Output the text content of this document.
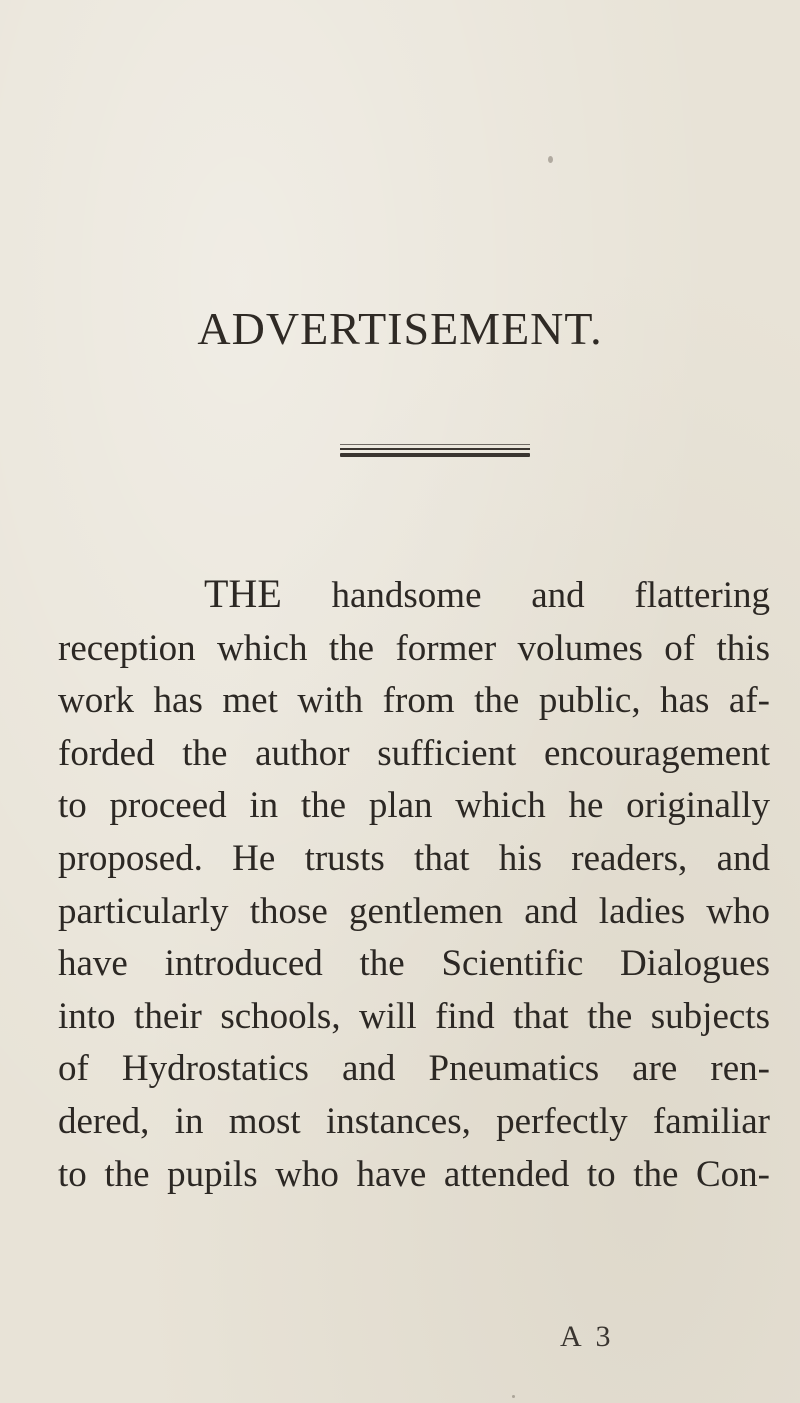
ADVERTISEMENT.
THE handsome and flattering
reception which the former volumes of this
work has met with from the public, has af-
forded the author sufficient encouragement
to proceed in the plan which he originally
proposed. He trusts that his readers, and
particularly those gentlemen and ladies who
have introduced the Scientific Dialogues
into their schools, will find that the subjects
of Hydrostatics and Pneumatics are ren-
dered, in most instances, perfectly familiar
to the pupils who have attended to the Con-
A 3
